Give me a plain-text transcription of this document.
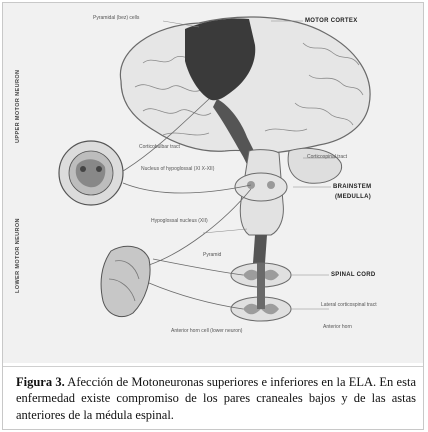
Pyramidal (bez) cells	MOTOR CORTEX
Corticobulbar tract
Nucleus of hypoglossal (XI X-XII)
Corticospinal tract
BRAINSTEM
(MEDULLA)
Hypoglossal nucleus (XII)
Pyramid
SPINAL CORD
Lateral corticospinal tract
Anterior horn cell (lower neuron)
Anterior horn
UPPER MOTOR NEURON
LOWER MOTOR NEURON
Figura 3. Afección de Motoneuronas superiores e inferiores en la ELA. En esta enfermedad existe compromiso de los pares craneales bajos y de las astas anteriores de la médula espinal.
